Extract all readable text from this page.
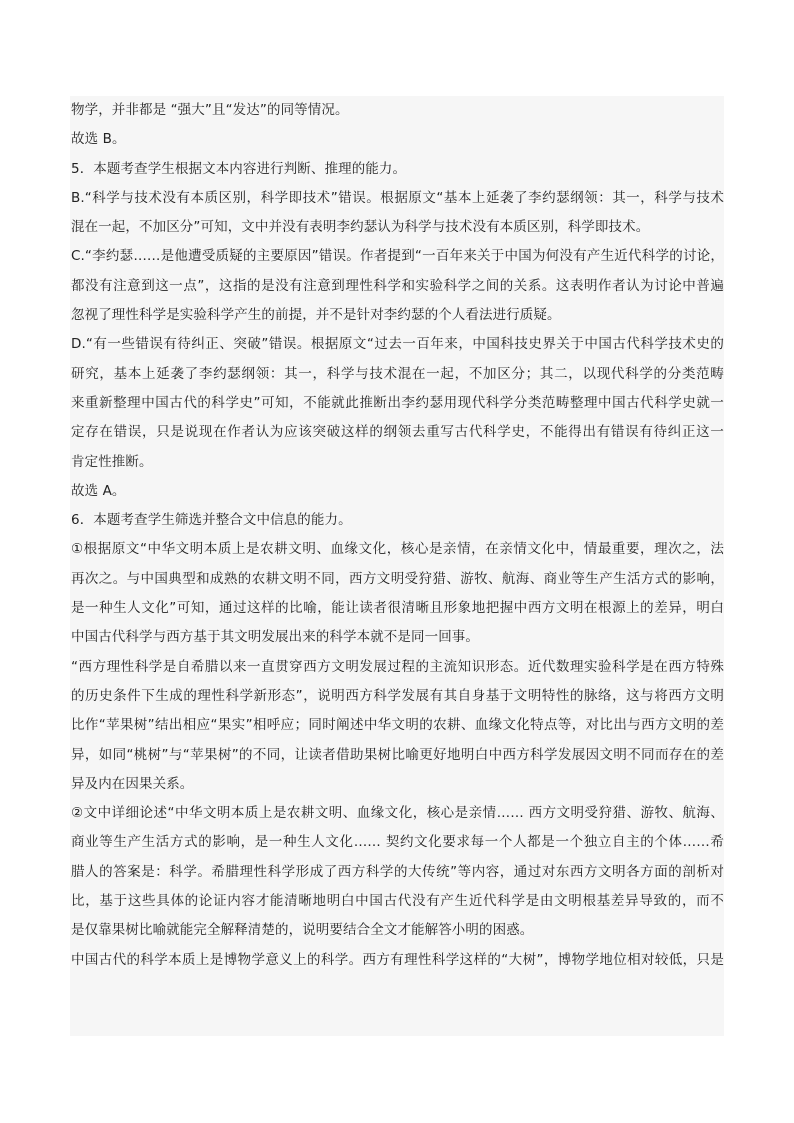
物学，并非都是 “强大”且“发达”的同等情况。
故选 B。
5．本题考查学生根据文本内容进行判断、推理的能力。
B.“科学与技术没有本质区别，科学即技术”错误。根据原文“基本上延袭了李约瑟纲领：其一，科学与技术
混在一起，不加区分”可知，文中并没有表明李约瑟认为科学与技术没有本质区别，科学即技术。
C.“李约瑟……是他遭受质疑的主要原因”错误。作者提到“一百年来关于中国为何没有产生近代科学的讨论，
都没有注意到这一点”，这指的是没有注意到理性科学和实验科学之间的关系。这表明作者认为讨论中普遍
忽视了理性科学是实验科学产生的前提，并不是针对李约瑟的个人看法进行质疑。
D.“有一些错误有待纠正、突破”错误。根据原文“过去一百年来，中国科技史界关于中国古代科学技术史的
研究，基本上延袭了李约瑟纲领：其一，科学与技术混在一起，不加区分；其二，以现代科学的分类范畴
来重新整理中国古代的科学史”可知，不能就此推断出李约瑟用现代科学分类范畴整理中国古代科学史就一
定存在错误，只是说现在作者认为应该突破这样的纲领去重写古代科学史，不能得出有错误有待纠正这一
肯定性推断。
故选 A。
6．本题考查学生筛选并整合文中信息的能力。
①根据原文“中华文明本质上是农耕文明、血缘文化，核心是亲情，在亲情文化中，情最重要，理次之，法
再次之。与中国典型和成熟的农耕文明不同，西方文明受狩猎、游牧、航海、商业等生产生活方式的影响，
是一种生人文化”可知，通过这样的比喻，能让读者很清晰且形象地把握中西方文明在根源上的差异，明白
中国古代科学与西方基于其文明发展出来的科学本就不是同一回事。
“西方理性科学是自希腊以来一直贯穿西方文明发展过程的主流知识形态。近代数理实验科学是在西方特殊
的历史条件下生成的理性科学新形态”，说明西方科学发展有其自身基于文明特性的脉络，这与将西方文明
比作“苹果树”结出相应“果实”相呼应；同时阐述中华文明的农耕、血缘文化特点等，对比出与西方文明的差
异，如同“桃树”与“苹果树”的不同，让读者借助果树比喻更好地明白中西方科学发展因文明不同而存在的差
异及内在因果关系。
②文中详细论述“中华文明本质上是农耕文明、血缘文化，核心是亲情…… 西方文明受狩猎、游牧、航海、
商业等生产生活方式的影响，是一种生人文化…… 契约文化要求每一个人都是一个独立自主的个体……希
腊人的答案是：科学。希腊理性科学形成了西方科学的大传统”等内容，通过对东西方文明各方面的剖析对
比，基于这些具体的论证内容才能清晰地明白中国古代没有产生近代科学是由文明根基差异导致的，而不
是仅靠果树比喻就能完全解释清楚的，说明要结合全文才能解答小明的困惑。
中国古代的科学本质上是博物学意义上的科学。西方有理性科学这样的“大树”，博物学地位相对较低，只是
